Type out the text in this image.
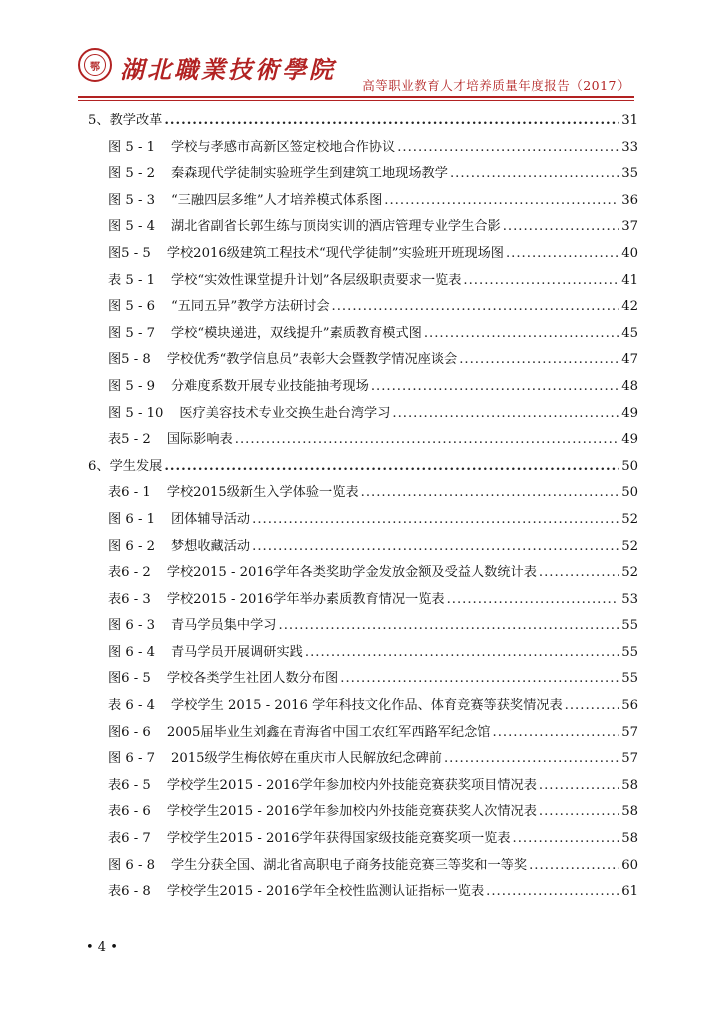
鄂 湖北職業技術學院
高等职业教育人才培养质量年度报告（2017）
5、教学改革 .....	31
图 5 - 1 学校与孝感市高新区签定校地合作协议 .....	33
图 5 - 2 秦森现代学徒制实验班学生到建筑工地现场教学 .....	35
图 5 - 3 “三融四层多维”人才培养模式体系图 .....	36
图 5 - 4 湖北省副省长郭生练与顶岗实训的酒店管理专业学生合影 .....	37
图5 - 5 学校2016级建筑工程技术“现代学徒制”实验班开班现场图 .....	40
表 5 - 1 学校“实效性课堂提升计划”各层级职责要求一览表 .....	41
图 5 - 6 “五同五异”教学方法研讨会 .....	42
图 5 - 7 学校“模块递进，双线提升”素质教育模式图 .....	45
图5 - 8 学校优秀“教学信息员”表彰大会暨教学情况座谈会 .....	47
图 5 - 9 分难度系数开展专业技能抽考现场 .....	48
图 5 - 10 医疗美容技术专业交换生赴台湾学习 .....	49
表5 - 2 国际影响表 .....	49
6、学生发展 .....	50
表6 - 1 学校2015级新生入学体验一览表 .....	50
图 6 - 1 团体辅导活动 .....	52
图 6 - 2 梦想收藏活动 .....	52
表6 - 2 学校2015 - 2016学年各类奖助学金发放金额及受益人数统计表 .....	52
表6 - 3 学校2015 - 2016学年举办素质教育情况一览表 .....	53
图 6 - 3 青马学员集中学习 .....	55
图 6 - 4 青马学员开展调研实践 .....	55
图6 - 5 学校各类学生社团人数分布图 .....	55
表 6 - 4 学校学生 2015 - 2016 学年科技文化作品、体育竞赛等获奖情况表 .....	56
图6 - 6 2005届毕业生刘鑫在青海省中国工农红军西路军纪念馆 .....	57
图 6 - 7 2015级学生梅依婷在重庆市人民解放纪念碑前 .....	57
表6 - 5 学校学生2015 - 2016学年参加校内外技能竞赛获奖项目情况表 .....	58
表6 - 6 学校学生2015 - 2016学年参加校内外技能竞赛获奖人次情况表 .....	58
表6 - 7 学校学生2015 - 2016学年获得国家级技能竞赛奖项一览表 .....	58
图 6 - 8 学生分获全国、湖北省高职电子商务技能竞赛三等奖和一等奖 .....	60
表6 - 8 学校学生2015 - 2016学年全校性监测认证指标一览表 .....	61
• 4 •
